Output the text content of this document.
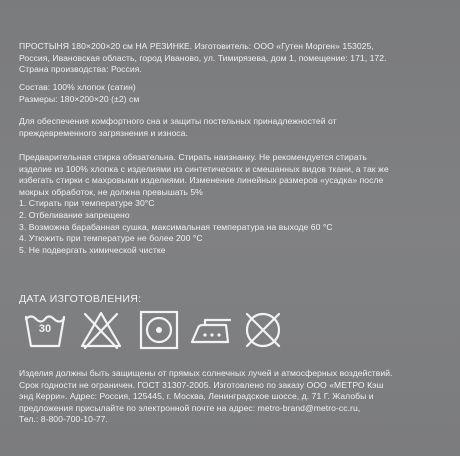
ПРОСТЫНЯ 180×200×20 см НА РЕЗИНКЕ. Изготовитель: ООО «Гутен Морген» 153025,

Россия, Ивановская область, город Иваново, ул. Тимирязева, дом 1, помещение: 171, 172.

Страна производства: Россия.

Состав: 100% хлопок (сатин)

Размеры: 180×200×20 (±2) см

Для обеспечения комфортного сна и защиты постельных принадлежностей от

преждевременного загрязнения и износа.

Предварительная стирка обязательна. Стирать наизнанку. Не рекомендуется стирать

изделие из 100% хлопка с изделиями из синтетических и смешанных видов ткани, а так же

избегать стирки с махровыми изделиями. Изменение линейных размеров «усадка» после

мокрых обработок, не должна превышать 5%

1. Стирать при температуре 30°С

2. Отбеливание запрещено

3. Возможна барабанная сушка, максимальная температура на выходе 60 °С

4. Утюжить при температуре не более 200 °С

5. Не подвергать химической чистке

ДАТА ИЗГОТОВЛЕНИЯ:
30

Изделия должны быть защищены от прямых солнечных лучей и атмосферных воздействий.

Срок годности не ограничен. ГОСТ 31307-2005. Изготовлено по заказу ООО «МЕТРО Кэш

энд Керри». Адрес: Россия, 125445, г. Москва, Ленинградское шоссе, д. 71 Г. Жалобы и

предложения присылайте по электронной почте на адрес: metro-brand@metro-cc.ru,

Тел.: 8-800-700-10-77.
